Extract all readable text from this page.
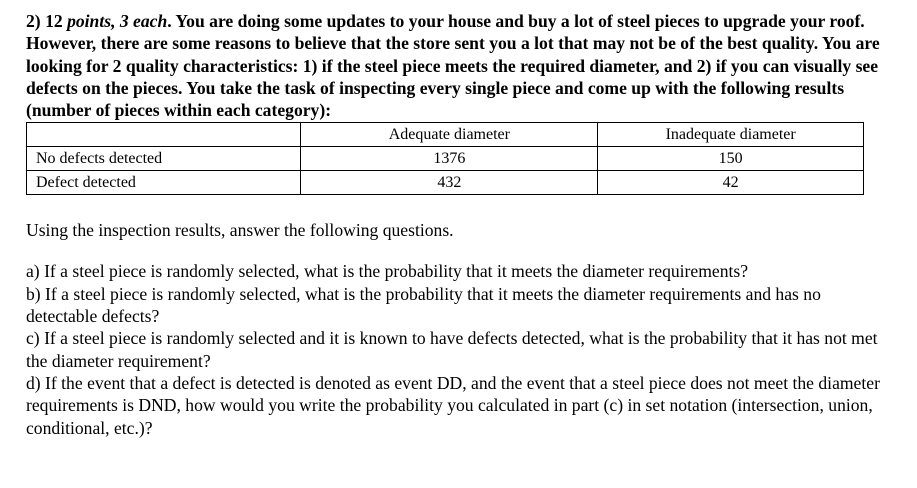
2) 12 points, 3 each. You are doing some updates to your house and buy a lot of steel pieces to upgrade your roof. However, there are some reasons to believe that the store sent you a lot that may not be of the best quality. You are looking for 2 quality characteristics: 1) if the steel piece meets the required diameter, and 2) if you can visually see defects on the pieces. You take the task of inspecting every single piece and come up with the following results (number of pieces within each category):

	Adequate diameter	Inadequate diameter
No defects detected	1376	150
Defect detected	432	42

Using the inspection results, answer the following questions.

a) If a steel piece is randomly selected, what is the probability that it meets the diameter requirements?

b) If a steel piece is randomly selected, what is the probability that it meets the diameter requirements and has no detectable defects?

c) If a steel piece is randomly selected and it is known to have defects detected, what is the probability that it has not met the diameter requirement?

d) If the event that a defect is detected is denoted as event DD, and the event that a steel piece does not meet the diameter requirements is DND, how would you write the probability you calculated in part (c) in set notation (intersection, union, conditional, etc.)?
